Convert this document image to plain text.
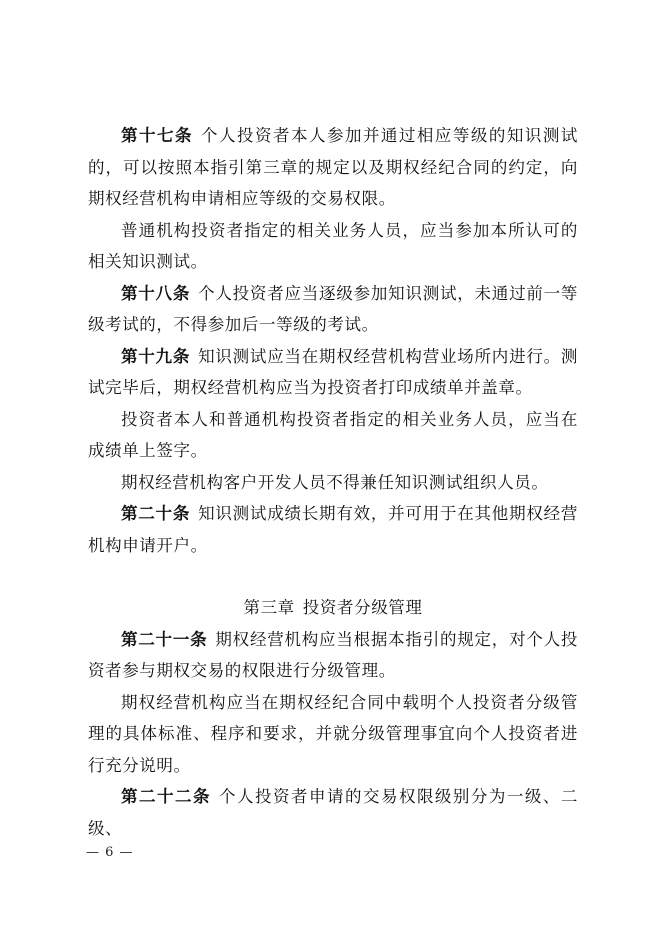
第十七条 个人投资者本人参加并通过相应等级的知识测试的，可以按照本指引第三章的规定以及期权经纪合同的约定，向期权经营机构申请相应等级的交易权限。

普通机构投资者指定的相关业务人员，应当参加本所认可的相关知识测试。

第十八条 个人投资者应当逐级参加知识测试，未通过前一等级考试的，不得参加后一等级的考试。

第十九条 知识测试应当在期权经营机构营业场所内进行。测试完毕后，期权经营机构应当为投资者打印成绩单并盖章。

投资者本人和普通机构投资者指定的相关业务人员，应当在成绩单上签字。

期权经营机构客户开发人员不得兼任知识测试组织人员。

第二十条 知识测试成绩长期有效，并可用于在其他期权经营机构申请开户。

第三章 投资者分级管理

第二十一条 期权经营机构应当根据本指引的规定，对个人投资者参与期权交易的权限进行分级管理。

期权经营机构应当在期权经纪合同中载明个人投资者分级管理的具体标准、程序和要求，并就分级管理事宜向个人投资者进行充分说明。

第二十二条 个人投资者申请的交易权限级别分为一级、二级、

— 6 —
